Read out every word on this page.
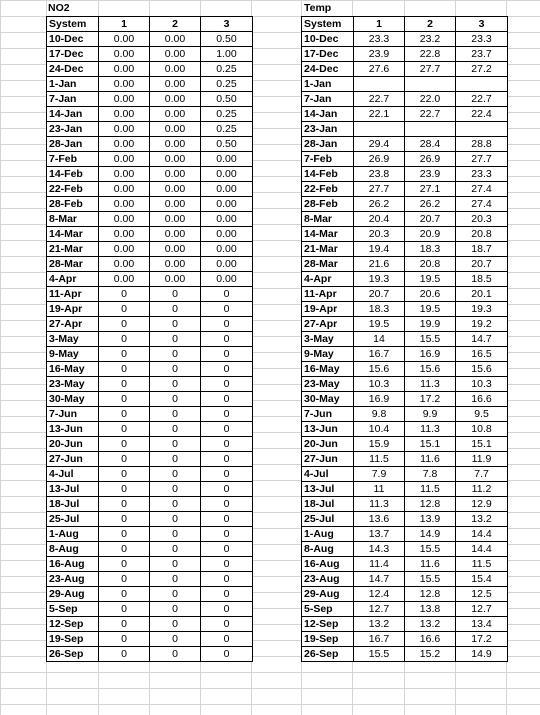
NO2
System	1	2	3
10-Dec	0.00	0.00	0.50
17-Dec	0.00	0.00	1.00
24-Dec	0.00	0.00	0.25
1-Jan	0.00	0.00	0.25
7-Jan	0.00	0.00	0.50
14-Jan	0.00	0.00	0.25
23-Jan	0.00	0.00	0.25
28-Jan	0.00	0.00	0.50
7-Feb	0.00	0.00	0.00
14-Feb	0.00	0.00	0.00
22-Feb	0.00	0.00	0.00
28-Feb	0.00	0.00	0.00
8-Mar	0.00	0.00	0.00
14-Mar	0.00	0.00	0.00
21-Mar	0.00	0.00	0.00
28-Mar	0.00	0.00	0.00
4-Apr	0.00	0.00	0.00
11-Apr	0	0	0
19-Apr	0	0	0
27-Apr	0	0	0
3-May	0	0	0
9-May	0	0	0
16-May	0	0	0
23-May	0	0	0
30-May	0	0	0
7-Jun	0	0	0
13-Jun	0	0	0
20-Jun	0	0	0
27-Jun	0	0	0
4-Jul	0	0	0
13-Jul	0	0	0
18-Jul	0	0	0
25-Jul	0	0	0
1-Aug	0	0	0
8-Aug	0	0	0
16-Aug	0	0	0
23-Aug	0	0	0
29-Aug	0	0	0
5-Sep	0	0	0
12-Sep	0	0	0
19-Sep	0	0	0
26-Sep	0	0	0
Temp
System	1	2	3
10-Dec	23.3	23.2	23.3
17-Dec	23.9	22.8	23.7
24-Dec	27.6	27.7	27.2
1-Jan			
7-Jan	22.7	22.0	22.7
14-Jan	22.1	22.7	22.4
23-Jan			
28-Jan	29.4	28.4	28.8
7-Feb	26.9	26.9	27.7
14-Feb	23.8	23.9	23.3
22-Feb	27.7	27.1	27.4
28-Feb	26.2	26.2	27.4
8-Mar	20.4	20.7	20.3
14-Mar	20.3	20.9	20.8
21-Mar	19.4	18.3	18.7
28-Mar	21.6	20.8	20.7
4-Apr	19.3	19.5	18.5
11-Apr	20.7	20.6	20.1
19-Apr	18.3	19.5	19.3
27-Apr	19.5	19.9	19.2
3-May	14	15.5	14.7
9-May	16.7	16.9	16.5
16-May	15.6	15.6	15.6
23-May	10.3	11.3	10.3
30-May	16.9	17.2	16.6
7-Jun	9.8	9.9	9.5
13-Jun	10.4	11.3	10.8
20-Jun	15.9	15.1	15.1
27-Jun	11.5	11.6	11.9
4-Jul	7.9	7.8	7.7
13-Jul	11	11.5	11.2
18-Jul	11.3	12.8	12.9
25-Jul	13.6	13.9	13.2
1-Aug	13.7	14.9	14.4
8-Aug	14.3	15.5	14.4
16-Aug	11.4	11.6	11.5
23-Aug	14.7	15.5	15.4
29-Aug	12.4	12.8	12.5
5-Sep	12.7	13.8	12.7
12-Sep	13.2	13.2	13.4
19-Sep	16.7	16.6	17.2
26-Sep	15.5	15.2	14.9
